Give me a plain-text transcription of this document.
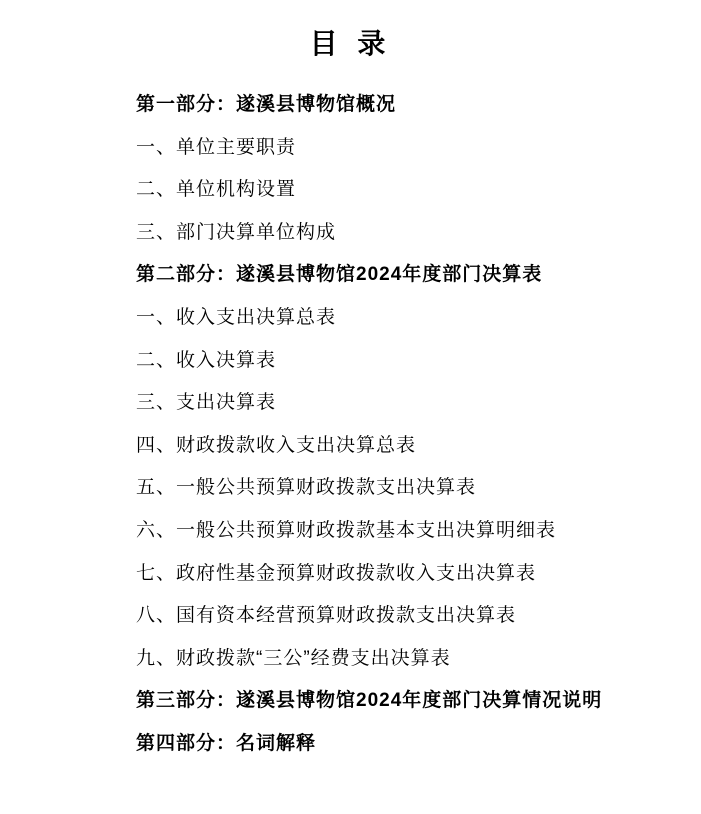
目 录
第一部分：遂溪县博物馆概况
一、单位主要职责
二、单位机构设置
三、部门决算单位构成
第二部分：遂溪县博物馆2024年度部门决算表
一、收入支出决算总表
二、收入决算表
三、支出决算表
四、财政拨款收入支出决算总表
五、一般公共预算财政拨款支出决算表
六、一般公共预算财政拨款基本支出决算明细表
七、政府性基金预算财政拨款收入支出决算表
八、国有资本经营预算财政拨款支出决算表
九、财政拨款“三公”经费支出决算表
第三部分：遂溪县博物馆2024年度部门决算情况说明
第四部分：名词解释
